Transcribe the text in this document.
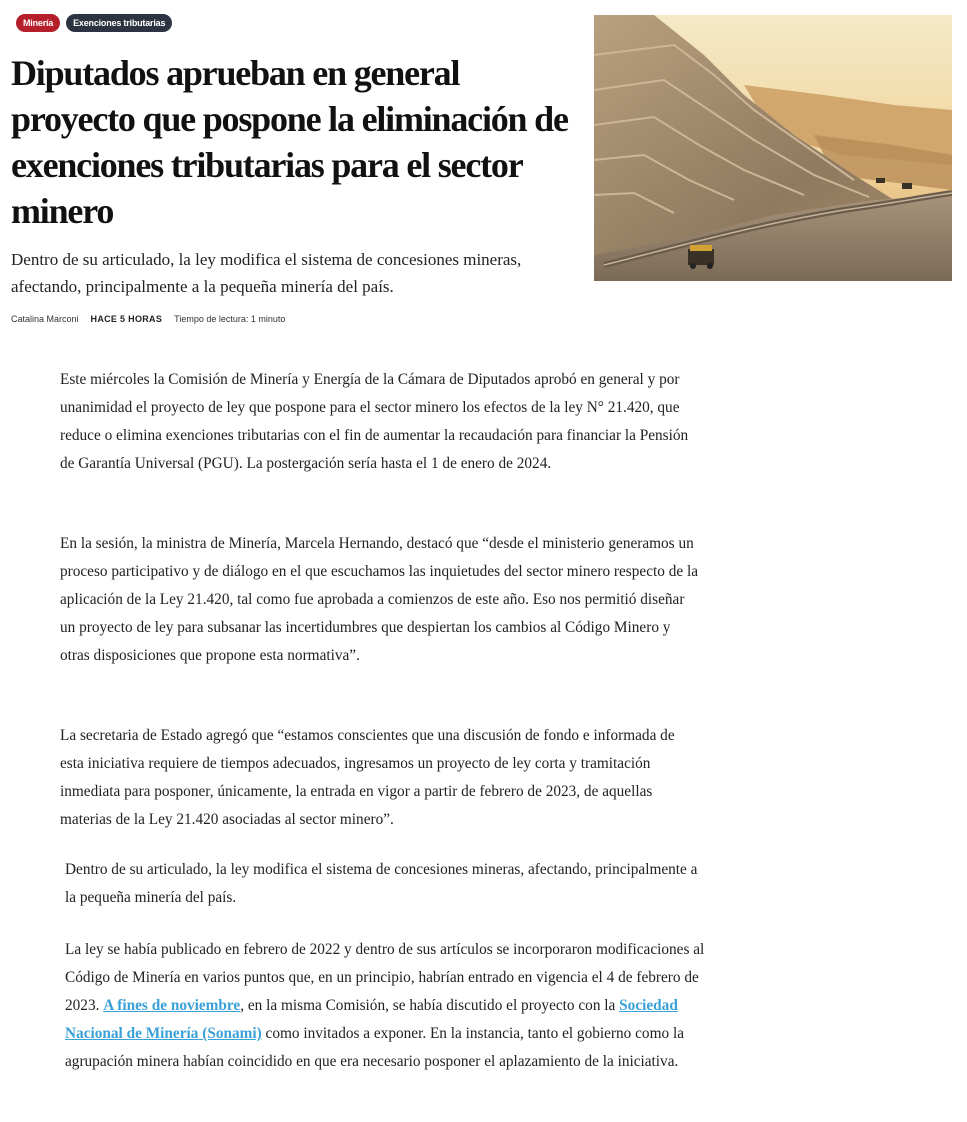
Minería	Exenciones tributarias
Diputados aprueban en general proyecto que pospone la eliminación de exenciones tributarias para el sector minero

Dentro de su articulado, la ley modifica el sistema de concesiones mineras, afectando, principalmente a la pequeña minería del país.

Catalina Marconi HACE 5 HORAS Tiempo de lectura: 1 minuto

Este miércoles la Comisión de Minería y Energía de la Cámara de Diputados aprobó en general y por unanimidad el proyecto de ley que pospone para el sector minero los efectos de la ley N° 21.420, que reduce o elimina exenciones tributarias con el fin de aumentar la recaudación para financiar la Pensión de Garantía Universal (PGU). La postergación sería hasta el 1 de enero de 2024.

En la sesión, la ministra de Minería, Marcela Hernando, destacó que “desde el ministerio generamos un proceso participativo y de diálogo en el que escuchamos las inquietudes del sector minero respecto de la aplicación de la Ley 21.420, tal como fue aprobada a comienzos de este año. Eso nos permitió diseñar un proyecto de ley para subsanar las incertidumbres que despiertan los cambios al Código Minero y otras disposiciones que propone esta normativa”.

La secretaria de Estado agregó que “estamos conscientes que una discusión de fondo e informada de esta iniciativa requiere de tiempos adecuados, ingresamos un proyecto de ley corta y tramitación inmediata para posponer, únicamente, la entrada en vigor a partir de febrero de 2023, de aquellas materias de la Ley 21.420 asociadas al sector minero”.

Dentro de su articulado, la ley modifica el sistema de concesiones mineras, afectando, principalmente a la pequeña minería del país.

La ley se había publicado en febrero de 2022 y dentro de sus artículos se incorporaron modificaciones al Código de Minería en varios puntos que, en un principio, habrían entrado en vigencia el 4 de febrero de 2023. A fines de noviembre, en la misma Comisión, se había discutido el proyecto con la Sociedad Nacional de Minería (Sonami) como invitados a exponer. En la instancia, tanto el gobierno como la agrupación minera habían coincidido en que era necesario posponer el aplazamiento de la iniciativa.
